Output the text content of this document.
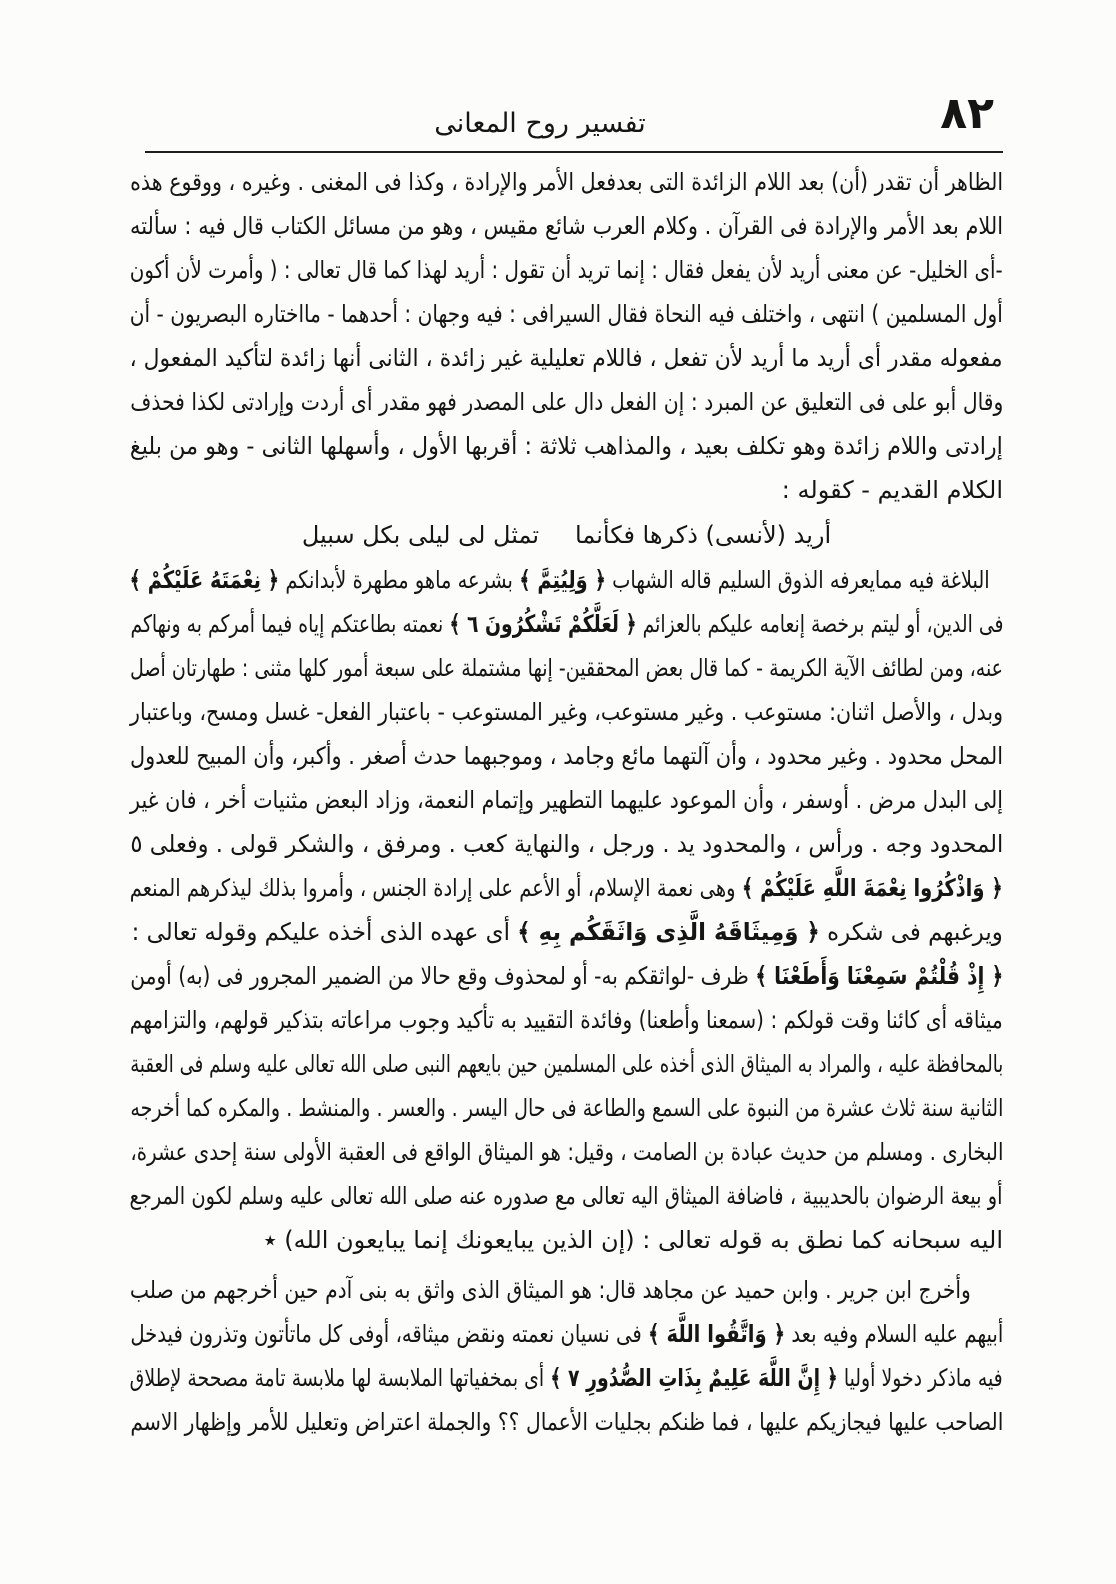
٨٢
تفسير روح المعانى
الظاهر أن تقدر (أن) بعد اللام الزائدة التى بعدفعل الأمر والإرادة ، وكذا فى المغنى . وغيره ، ووقوع هذه
اللام بعد الأمر والإرادة فى القرآن . وكلام العرب شائع مقيس ، وهو من مسائل الكتاب قال فيه : سألته
-أى الخليل- عن معنى أريد لأن يفعل فقال : إنما تريد أن تقول : أريد لهذا كما قال تعالى : ( وأمرت لأن أكون
أول المسلمين ) انتهى ، واختلف فيه النحاة فقال السيرافى : فيه وجهان : أحدهما - مااختاره البصريون - أن
مفعوله مقدر أى أريد ما أريد لأن تفعل ، فاللام تعليلية غير زائدة ، الثانى أنها زائدة لتأكيد المفعول ،
وقال أبو على فى التعليق عن المبرد : إن الفعل دال على المصدر فهو مقدر أى أردت وإرادتى لكذا فحذف
إرادتى واللام زائدة وهو تكلف بعيد ، والمذاهب ثلاثة : أقربها الأول ، وأسهلها الثانى - وهو من بليغ
الكلام القديم - كقوله :
أريد (لأنسى) ذكرها فكأنما
تمثل لى ليلى بكل سبيل
البلاغة فيه ممايعرفه الذوق السليم قاله الشهاب ﴿ وَلِيُتِمَّ ﴾ بشرعه ماهو مطهرة لأبدانكم ﴿ نِعْمَتَهُ عَلَيْكُمْ ﴾
فى الدين، أو ليتم برخصة إنعامه عليكم بالعزائم ﴿ لَعَلَّكُمْ تَشْكُرُونَ ٦ ﴾ نعمته بطاعتكم إياه فيما أمركم به ونهاكم
عنه، ومن لطائف الآية الكريمة - كما قال بعض المحققين- إنها مشتملة على سبعة أمور كلها مثنى : طهارتان أصل
وبدل ، والأصل اثنان: مستوعب . وغير مستوعب، وغير المستوعب - باعتبار الفعل- غسل ومسح، وباعتبار
المحل محدود . وغير محدود ، وأن آلتهما مائع وجامد ، وموجبهما حدث أصغر . وأكبر، وأن المبيح للعدول
إلى البدل مرض . أوسفر ، وأن الموعود عليهما التطهير وإتمام النعمة، وزاد البعض مثنيات أخر ، فان غير
المحدود وجه . ورأس ، والمحدود يد . ورجل ، والنهاية كعب . ومرفق ، والشكر قولى . وفعلى ٥
﴿ وَاذْكُرُوا نِعْمَةَ اللَّهِ عَلَيْكُمْ ﴾ وهى نعمة الإسلام، أو الأعم على إرادة الجنس ، وأمروا بذلك ليذكرهم المنعم
ويرغبهم فى شكره ﴿ وَمِيثَاقَهُ الَّذِى وَاثَقَكُم بِهِ ﴾ أى عهده الذى أخذه عليكم وقوله تعالى :
﴿ إِذْ قُلْتُمْ سَمِعْنَا وَأَطَعْنَا ﴾ ظرف -لواثقكم به- أو لمحذوف وقع حالا من الضمير المجرور فى (به) أومن
ميثاقه أى كائنا وقت قولكم : (سمعنا وأطعنا) وفائدة التقييد به تأكيد وجوب مراعاته بتذكير قولهم، والتزامهم
بالمحافظة عليه ، والمراد به الميثاق الذى أخذه على المسلمين حين بايعهم النبى صلى الله تعالى عليه وسلم فى العقبة
الثانية سنة ثلاث عشرة من النبوة على السمع والطاعة فى حال اليسر . والعسر . والمنشط . والمكره كما أخرجه
البخارى . ومسلم من حديث عبادة بن الصامت ، وقيل: هو الميثاق الواقع فى العقبة الأولى سنة إحدى عشرة،
أو بيعة الرضوان بالحديبية ، فاضافة الميثاق اليه تعالى مع صدوره عنه صلى الله تعالى عليه وسلم لكون المرجع
اليه سبحانه كما نطق به قوله تعالى : (إن الذين يبايعونك إنما يبايعون الله) ٭
وأخرج ابن جرير . وابن حميد عن مجاهد قال: هو الميثاق الذى واثق به بنى آدم حين أخرجهم من صلب
أبيهم عليه السلام وفيه بعد ﴿ وَاتَّقُوا اللَّهَ ﴾ فى نسيان نعمته ونقض ميثاقه، أوفى كل ماتأتون وتذرون فيدخل
فيه ماذكر دخولا أوليا ﴿ إِنَّ اللَّهَ عَلِيمٌ بِذَاتِ الصُّدُورِ ٧ ﴾ أى بمخفياتها الملابسة لها ملابسة تامة مصححة لإطلاق
الصاحب عليها فيجازيكم عليها ، فما ظنكم بجليات الأعمال ؟؟ والجملة اعتراض وتعليل للأمر وإظهار الاسم
